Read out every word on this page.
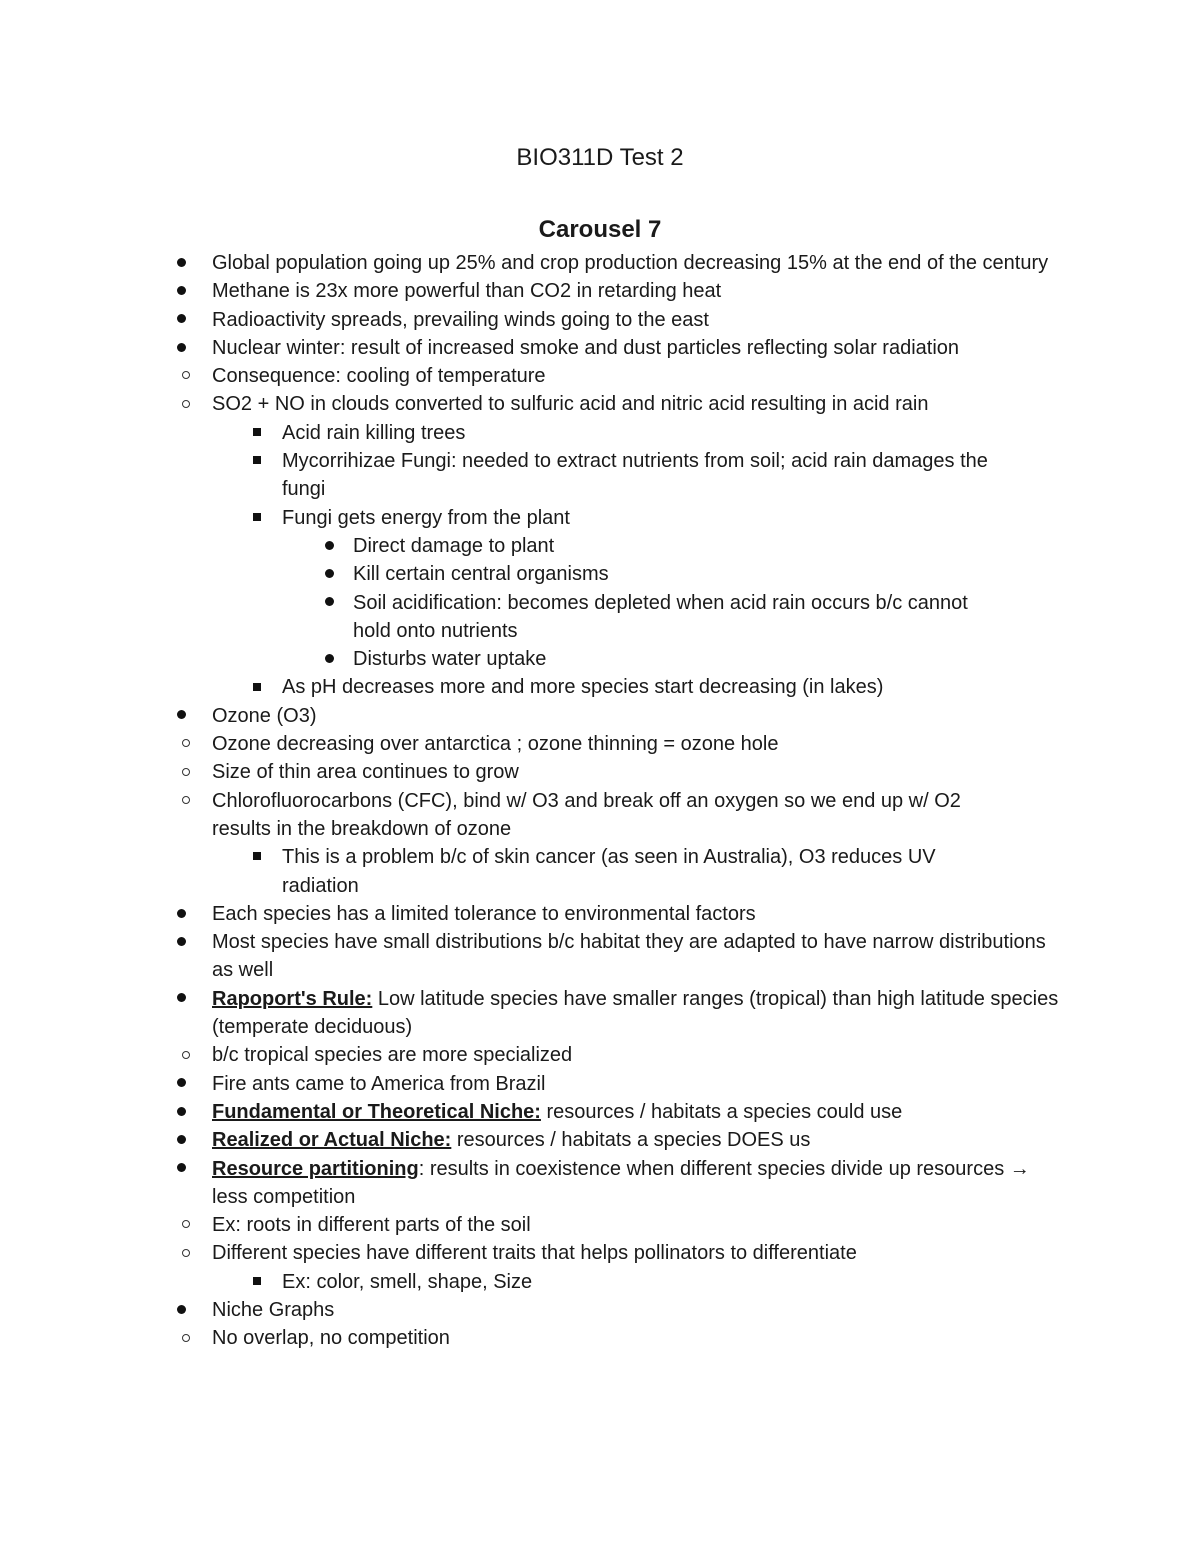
BIO311D Test 2
Carousel 7
Global population going up 25% and crop production decreasing 15% at the end of the century
Methane is 23x more powerful than CO2 in retarding heat
Radioactivity spreads, prevailing winds going to the east
Nuclear winter: result of increased smoke and dust particles reflecting solar radiation
Consequence: cooling of temperature
SO2 + NO in clouds converted to sulfuric acid and nitric acid resulting in acid rain
Acid rain killing trees
Mycorrihizae Fungi: needed to extract nutrients from soil; acid rain damages the fungi
Fungi gets energy from the plant
Direct damage to plant
Kill certain central organisms
Soil acidification: becomes depleted when acid rain occurs b/c cannot hold onto nutrients
Disturbs water uptake
As pH decreases more and more species start decreasing (in lakes)
Ozone (O3)
Ozone decreasing over antarctica ; ozone thinning = ozone hole
Size of thin area continues to grow
Chlorofluorocarbons (CFC), bind w/ O3 and break off an oxygen so we end up w/ O2 results in the breakdown of ozone
This is a problem b/c of skin cancer (as seen in Australia), O3 reduces UV radiation
Each species has a limited tolerance to environmental factors
Most species have small distributions b/c habitat they are adapted to have narrow distributions as well
Rapoport's Rule: Low latitude species have smaller ranges (tropical) than high latitude species (temperate deciduous)
b/c tropical species are more specialized
Fire ants came to America from Brazil
Fundamental or Theoretical Niche: resources / habitats a species could use
Realized or Actual Niche: resources / habitats a species DOES us
Resource partitioning: results in coexistence when different species divide up resources → less competition
Ex: roots in different parts of the soil
Different species have different traits that helps pollinators to differentiate
Ex: color, smell, shape, Size
Niche Graphs
No overlap, no competition
